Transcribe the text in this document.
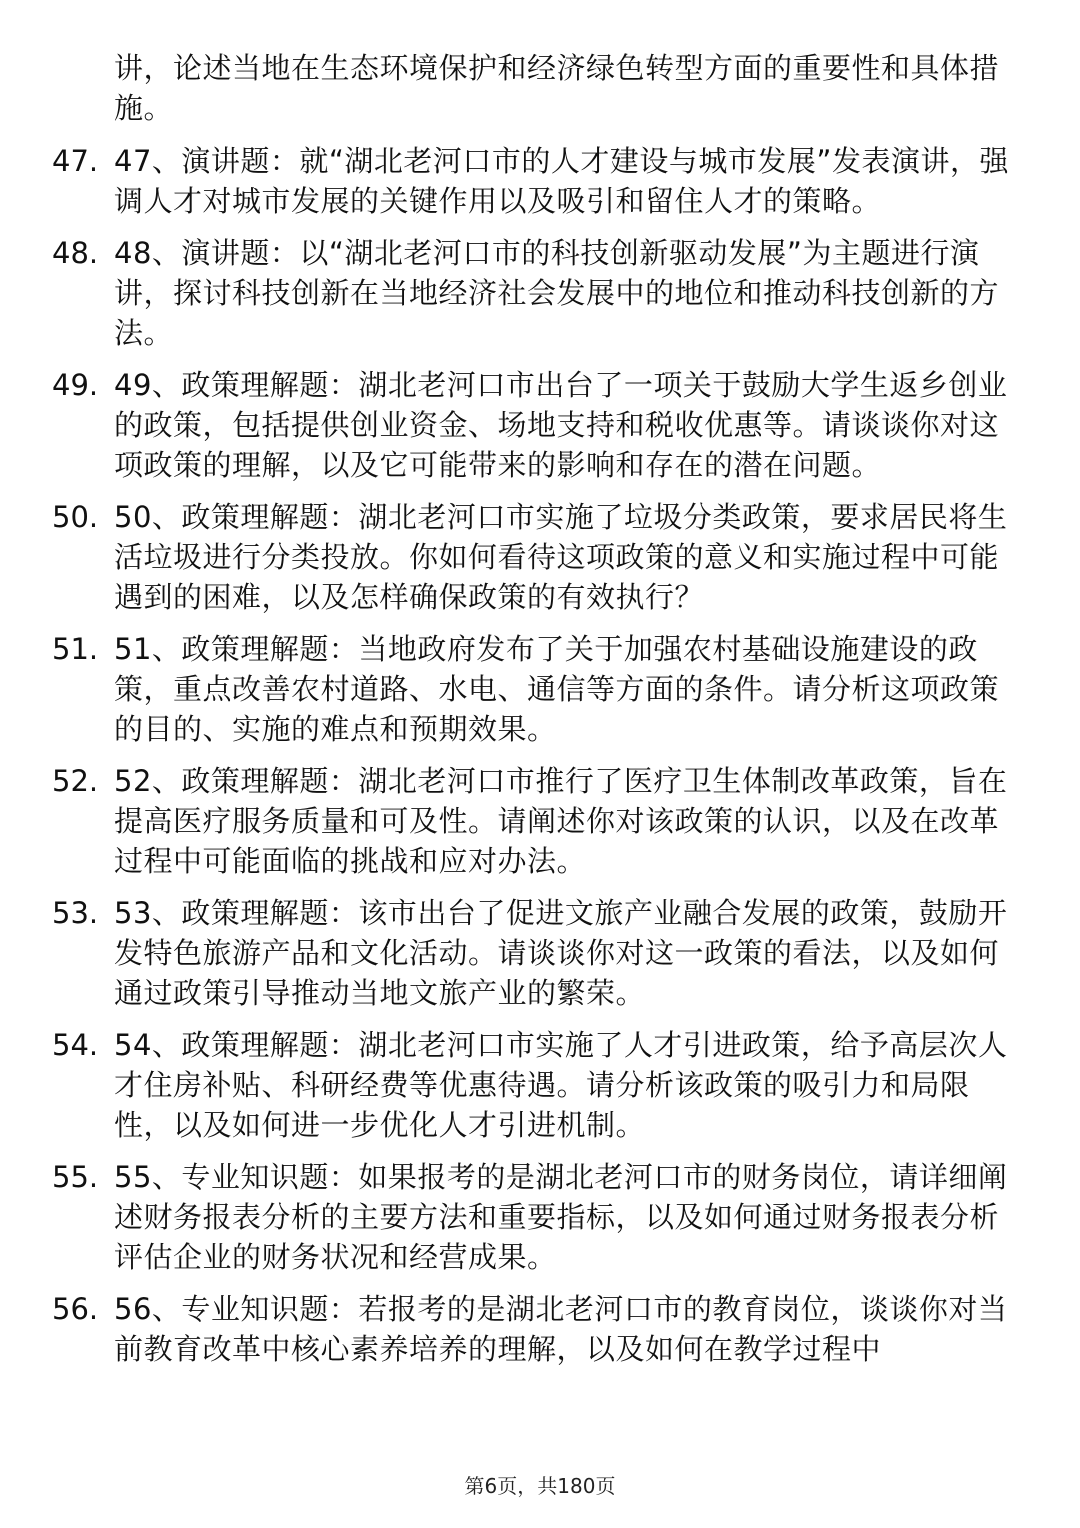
讲，论述当地在生态环境保护和经济绿色转型方面的重要性和具体措施。
47. 47、演讲题：就“湖北老河口市的人才建设与城市发展”发表演讲，强调人才对城市发展的关键作用以及吸引和留住人才的策略。
48. 48、演讲题：以“湖北老河口市的科技创新驱动发展”为主题进行演讲，探讨科技创新在当地经济社会发展中的地位和推动科技创新的方法。
49. 49、政策理解题：湖北老河口市出台了一项关于鼓励大学生返乡创业的政策，包括提供创业资金、场地支持和税收优惠等。请谈谈你对这项政策的理解，以及它可能带来的影响和存在的潜在问题。
50. 50、政策理解题：湖北老河口市实施了垃圾分类政策，要求居民将生活垃圾进行分类投放。你如何看待这项政策的意义和实施过程中可能遇到的困难，以及怎样确保政策的有效执行？
51. 51、政策理解题：当地政府发布了关于加强农村基础设施建设的政策，重点改善农村道路、水电、通信等方面的条件。请分析这项政策的目的、实施的难点和预期效果。
52. 52、政策理解题：湖北老河口市推行了医疗卫生体制改革政策，旨在提高医疗服务质量和可及性。请阐述你对该政策的认识，以及在改革过程中可能面临的挑战和应对办法。
53. 53、政策理解题：该市出台了促进文旅产业融合发展的政策，鼓励开发特色旅游产品和文化活动。请谈谈你对这一政策的看法，以及如何通过政策引导推动当地文旅产业的繁荣。
54. 54、政策理解题：湖北老河口市实施了人才引进政策，给予高层次人才住房补贴、科研经费等优惠待遇。请分析该政策的吸引力和局限性，以及如何进一步优化人才引进机制。
55. 55、专业知识题：如果报考的是湖北老河口市的财务岗位，请详细阐述财务报表分析的主要方法和重要指标，以及如何通过财务报表分析评估企业的财务状况和经营成果。
56. 56、专业知识题：若报考的是湖北老河口市的教育岗位，谈谈你对当前教育改革中核心素养培养的理解，以及如何在教学过程中
第6页，共180页
